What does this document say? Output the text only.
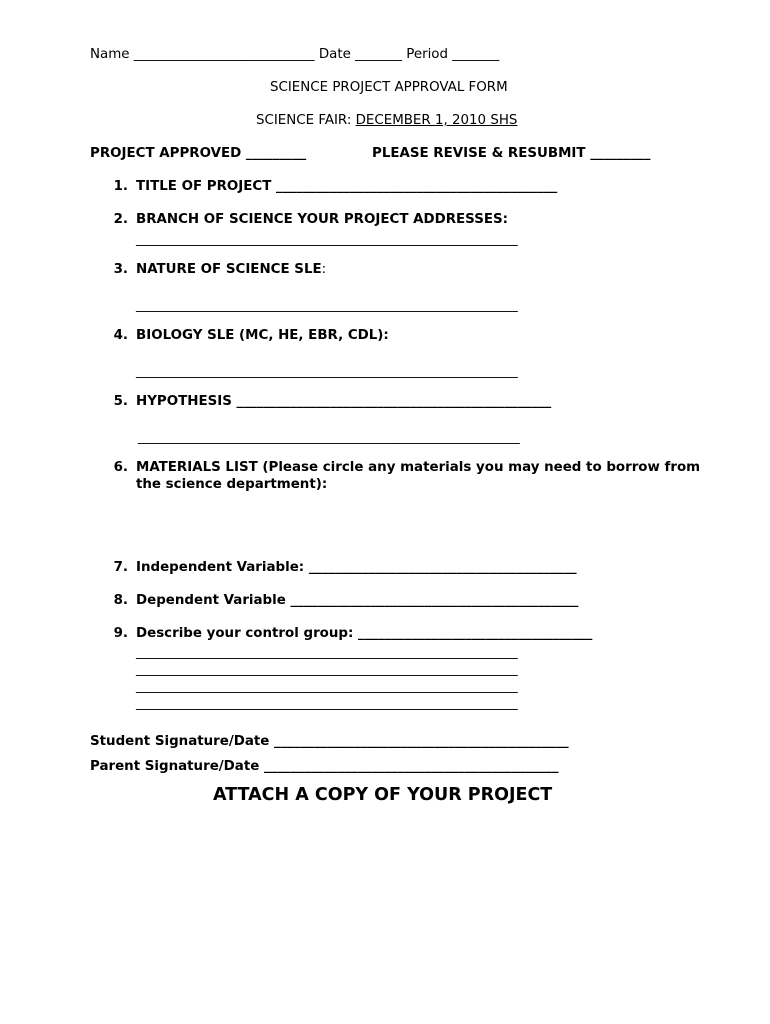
Name ___________________________ Date _______ Period _______
SCIENCE PROJECT APPROVAL FORM
SCIENCE FAIR: DECEMBER 1, 2010 SHS
PROJECT APPROVED _________	PLEASE REVISE & RESUBMIT _________
1. TITLE OF PROJECT __________________________________________
2. BRANCH OF SCIENCE YOUR PROJECT ADDRESSES:
_________________________________________________________
3. NATURE OF SCIENCE SLE:
_________________________________________________________
4. BIOLOGY SLE (MC, HE, EBR, CDL):
_________________________________________________________
5. HYPOTHESIS _______________________________________________
_________________________________________________________
6. MATERIALS LIST (Please circle any materials you may need to borrow from
the science department):
7. Independent Variable: ________________________________________
8. Dependent Variable ___________________________________________
9. Describe your control group: ___________________________________
_________________________________________________________
_________________________________________________________
_________________________________________________________
_________________________________________________________
Student Signature/Date ____________________________________________
Parent Signature/Date ____________________________________________
ATTACH A COPY OF YOUR PROJECT
